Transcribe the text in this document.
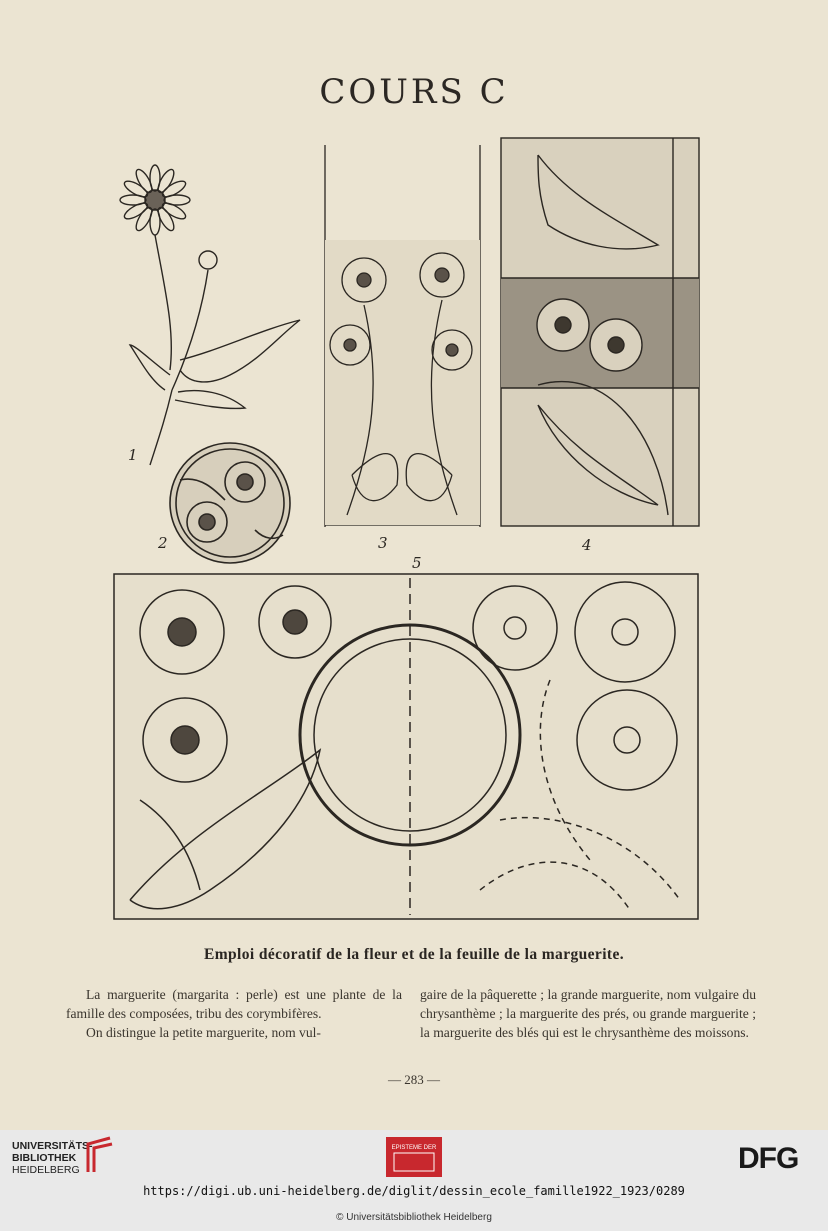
COURS C
1
2	3	4
5
Emploi décoratif de la fleur et de la feuille de la marguerite.

La marguerite (margarita : perle) est une plante de la famille des composées, tribu des corymbifères.

On distingue la petite marguerite, nom vul-

gaire de la pâquerette ; la grande marguerite, nom vulgaire du chrysanthème ; la marguerite des prés, ou grande marguerite ; la marguerite des blés qui est le chrysanthème des moissons.

— 283 —
UNIVERSITÄTS-
BIBLIOTHEK
HEIDELBERG
EPISTEME DER	DFG
https://digi.ub.uni-heidelberg.de/diglit/dessin_ecole_famille1922_1923/0289
© Universitätsbibliothek Heidelberg
